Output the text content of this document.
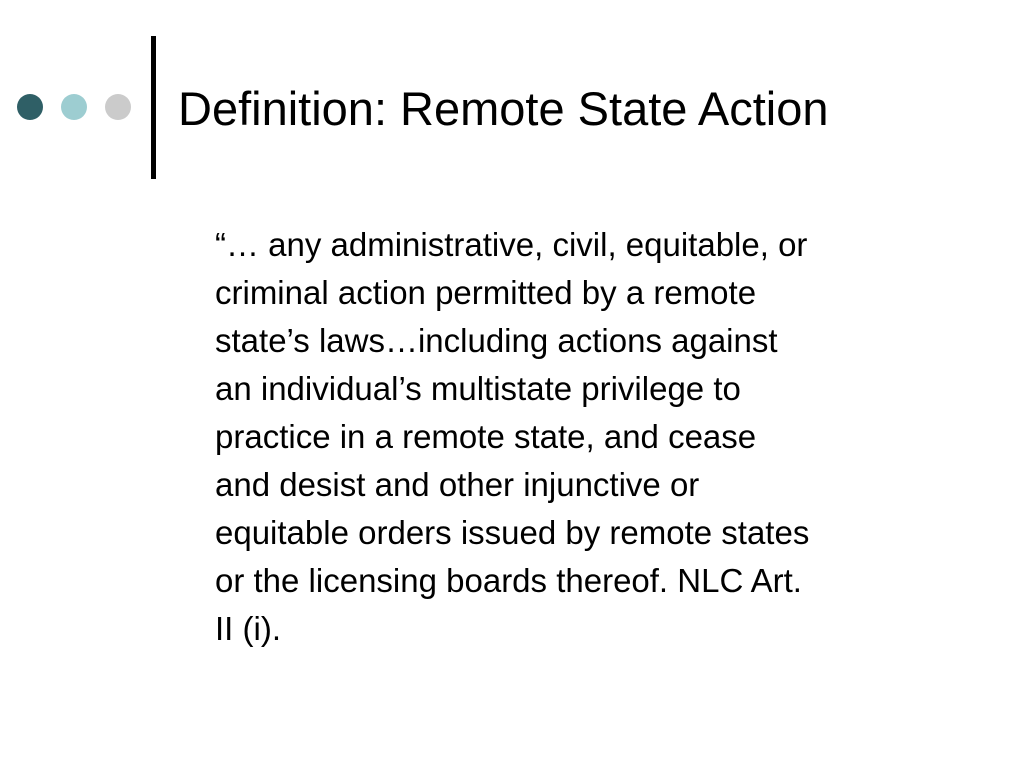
Definition: Remote State Action

“… any administrative, civil, equitable, or
criminal action permitted by a remote
state’s laws…including actions against
an individual’s multistate privilege to
practice in a remote state, and cease
and desist and other injunctive or
equitable orders issued by remote states
or the licensing boards thereof. NLC Art.
II (i).
